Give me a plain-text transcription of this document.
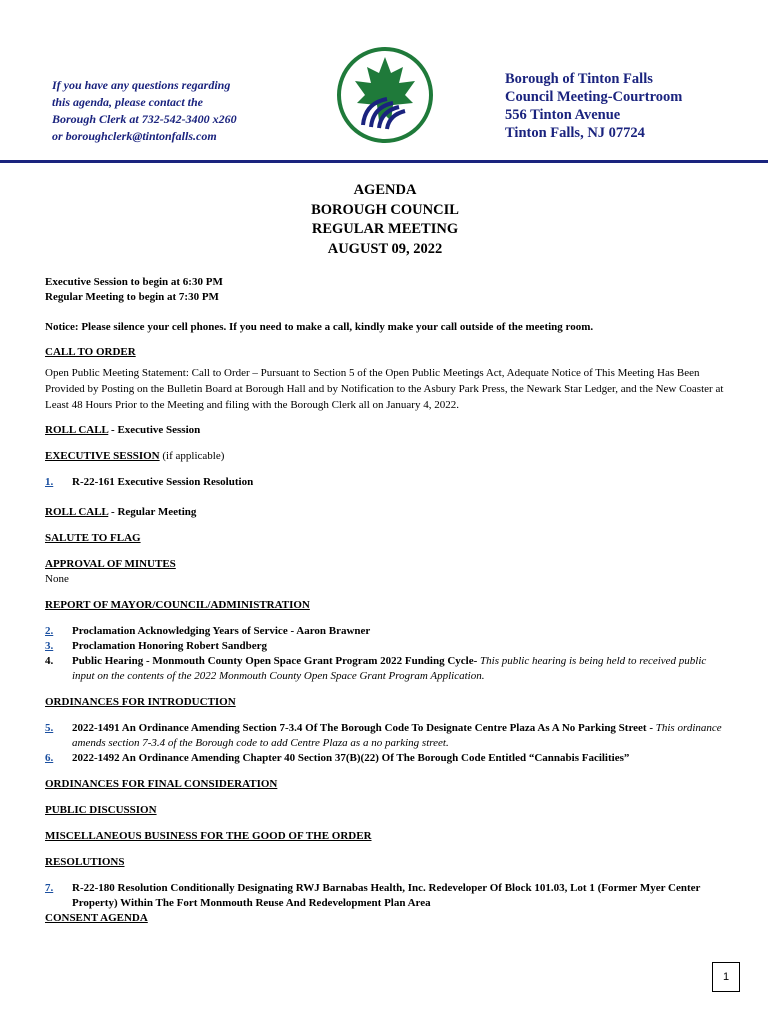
If you have any questions regarding
this agenda, please contact the
Borough Clerk at 732-542-3400 x260
or boroughclerk@tintonfalls.com
Borough of Tinton Falls
Council Meeting-Courtroom
556 Tinton Avenue
Tinton Falls, NJ 07724
AGENDA
BOROUGH COUNCIL
REGULAR MEETING
AUGUST 09, 2022

Executive Session to begin at 6:30 PM

Regular Meeting to begin at 7:30 PM

Notice: Please silence your cell phones. If you need to make a call, kindly make your call outside of the meeting room.

CALL TO ORDER

Open Public Meeting Statement: Call to Order – Pursuant to Section 5 of the Open Public Meetings Act, Adequate Notice of This Meeting Has Been Provided by Posting on the Bulletin Board at Borough Hall and by Notification to the Asbury Park Press, the Newark Star Ledger, and the New Coaster at Least 48 Hours Prior to the Meeting and filing with the Borough Clerk all on January 4, 2022.

ROLL CALL - Executive Session

EXECUTIVE SESSION (if applicable)

1.	R-22-161 Executive Session Resolution

ROLL CALL - Regular Meeting

SALUTE TO FLAG

APPROVAL OF MINUTES

None

REPORT OF MAYOR/COUNCIL/ADMINISTRATION

2.	Proclamation Acknowledging Years of Service - Aaron Brawner
3.	Proclamation Honoring Robert Sandberg
4.	Public Hearing - Monmouth County Open Space Grant Program 2022 Funding Cycle- This public hearing is being held to received public input on the contents of the 2022 Monmouth County Open Space Grant Program Application.

ORDINANCES FOR INTRODUCTION

5.	2022-1491 An Ordinance Amending Section 7-3.4 Of The Borough Code To Designate Centre Plaza As A No Parking Street - This ordinance amends section 7-3.4 of the Borough code to add Centre Plaza as a no parking street.
6.	2022-1492 An Ordinance Amending Chapter 40 Section 37(B)(22) Of The Borough Code Entitled “Cannabis Facilities”

ORDINANCES FOR FINAL CONSIDERATION

PUBLIC DISCUSSION

MISCELLANEOUS BUSINESS FOR THE GOOD OF THE ORDER

RESOLUTIONS

7.	R-22-180 Resolution Conditionally Designating RWJ Barnabas Health, Inc. Redeveloper Of Block 101.03, Lot 1 (Former Myer Center Property) Within The Fort Monmouth Reuse And Redevelopment Plan Area

CONSENT AGENDA

1
